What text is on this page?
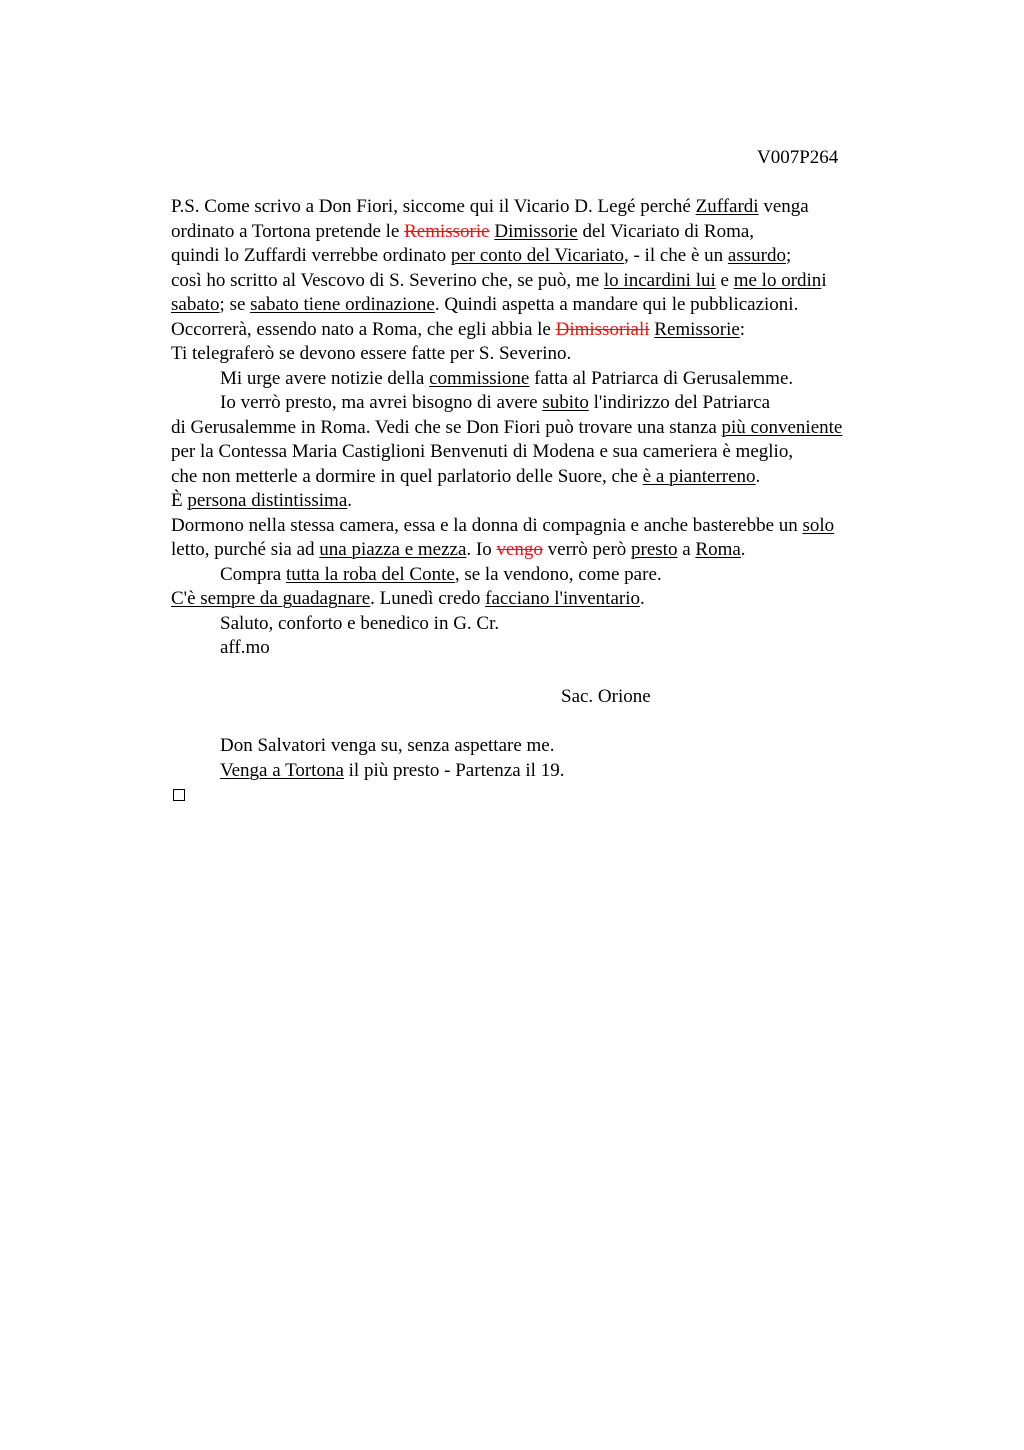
V007P264
P.S. Come scrivo a Don Fiori, siccome qui il Vicario D. Legé perché Zuffardi venga
ordinato a Tortona pretende le Remissorie Dimissorie del Vicariato di Roma,
quindi lo Zuffardi verrebbe ordinato per conto del Vicariato, - il che è un assurdo;
così ho scritto al Vescovo di S. Severino che, se può, me lo incardini lui e me lo ordini
sabato; se sabato tiene ordinazione. Quindi aspetta a mandare qui le pubblicazioni.
Occorrerà, essendo nato a Roma, che egli abbia le Dimissoriali Remissorie:
Ti telegraferò se devono essere fatte per S. Severino.
Mi urge avere notizie della commissione fatta al Patriarca di Gerusalemme.
Io verrò presto, ma avrei bisogno di avere subito l'indirizzo del Patriarca
di Gerusalemme in Roma. Vedi che se Don Fiori può trovare una stanza più conveniente
per la Contessa Maria Castiglioni Benvenuti di Modena e sua cameriera è meglio,
che non metterle a dormire in quel parlatorio delle Suore, che è a pianterreno.
È persona distintissima.
Dormono nella stessa camera, essa e la donna di compagnia e anche basterebbe un solo
letto, purché sia ad una piazza e mezza. Io vengo verrò però presto a Roma.
Compra tutta la roba del Conte, se la vendono, come pare.
C'è sempre da guadagnare. Lunedì credo facciano l'inventario.
Saluto, conforto e benedico in G. Cr.
aff.mo
Sac. Orione
Don Salvatori venga su, senza aspettare me.
Venga a Tortona il più presto - Partenza il 19.
